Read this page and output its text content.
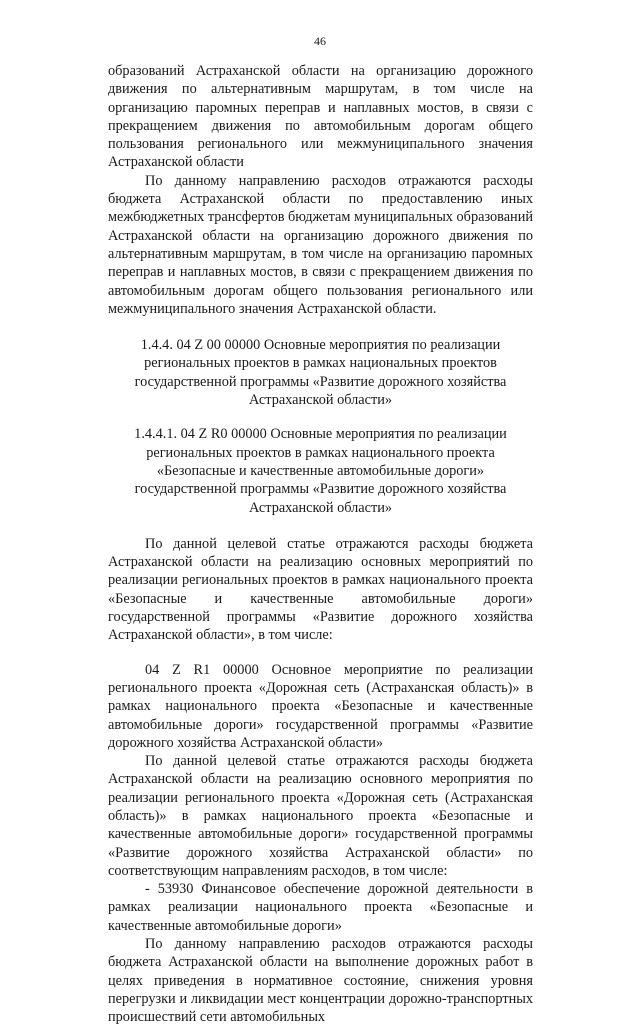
46

образований Астраханской области на организацию дорожного движения по альтернативным маршрутам, в том числе на организацию паромных переправ и наплавных мостов, в связи с прекращением движения по автомобильным дорогам общего пользования регионального или межмуниципального значения Астраханской области

По данному направлению расходов отражаются расходы бюджета Астраханской области по предоставлению иных межбюджетных трансфертов бюджетам муниципальных образований Астраханской области на организацию дорожного движения по альтернативным маршрутам, в том числе на организацию паромных переправ и наплавных мостов, в связи с прекращением движения по автомобильным дорогам общего пользования регионального или межмуниципального значения Астраханской области.

1.4.4. 04 Z 00 00000 Основные мероприятия по реализации региональных проектов в рамках национальных проектов государственной программы «Развитие дорожного хозяйства Астраханской области»

1.4.4.1. 04 Z R0 00000 Основные мероприятия по реализации региональных проектов в рамках национального проекта «Безопасные и качественные автомобильные дороги» государственной программы «Развитие дорожного хозяйства Астраханской области»

По данной целевой статье отражаются расходы бюджета Астраханской области на реализацию основных мероприятий по реализации региональных проектов в рамках национального проекта «Безопасные и качественные автомобильные дороги» государственной программы «Развитие дорожного хозяйства Астраханской области», в том числе:

04 Z R1 00000 Основное мероприятие по реализации регионального проекта «Дорожная сеть (Астраханская область)» в рамках национального проекта «Безопасные и качественные автомобильные дороги» государственной программы «Развитие дорожного хозяйства Астраханской области»

По данной целевой статье отражаются расходы бюджета Астраханской области на реализацию основного мероприятия по реализации регионального проекта «Дорожная сеть (Астраханская область)» в рамках национального проекта «Безопасные и качественные автомобильные дороги» государственной программы «Развитие дорожного хозяйства Астраханской области» по соответствующим направлениям расходов, в том числе:

- 53930 Финансовое обеспечение дорожной деятельности в рамках реализации национального проекта «Безопасные и качественные автомобильные дороги»

По данному направлению расходов отражаются расходы бюджета Астраханской области на выполнение дорожных работ в целях приведения в нормативное состояние, снижения уровня перегрузки и ликвидации мест концентрации дорожно-транспортных происшествий сети автомобильных
